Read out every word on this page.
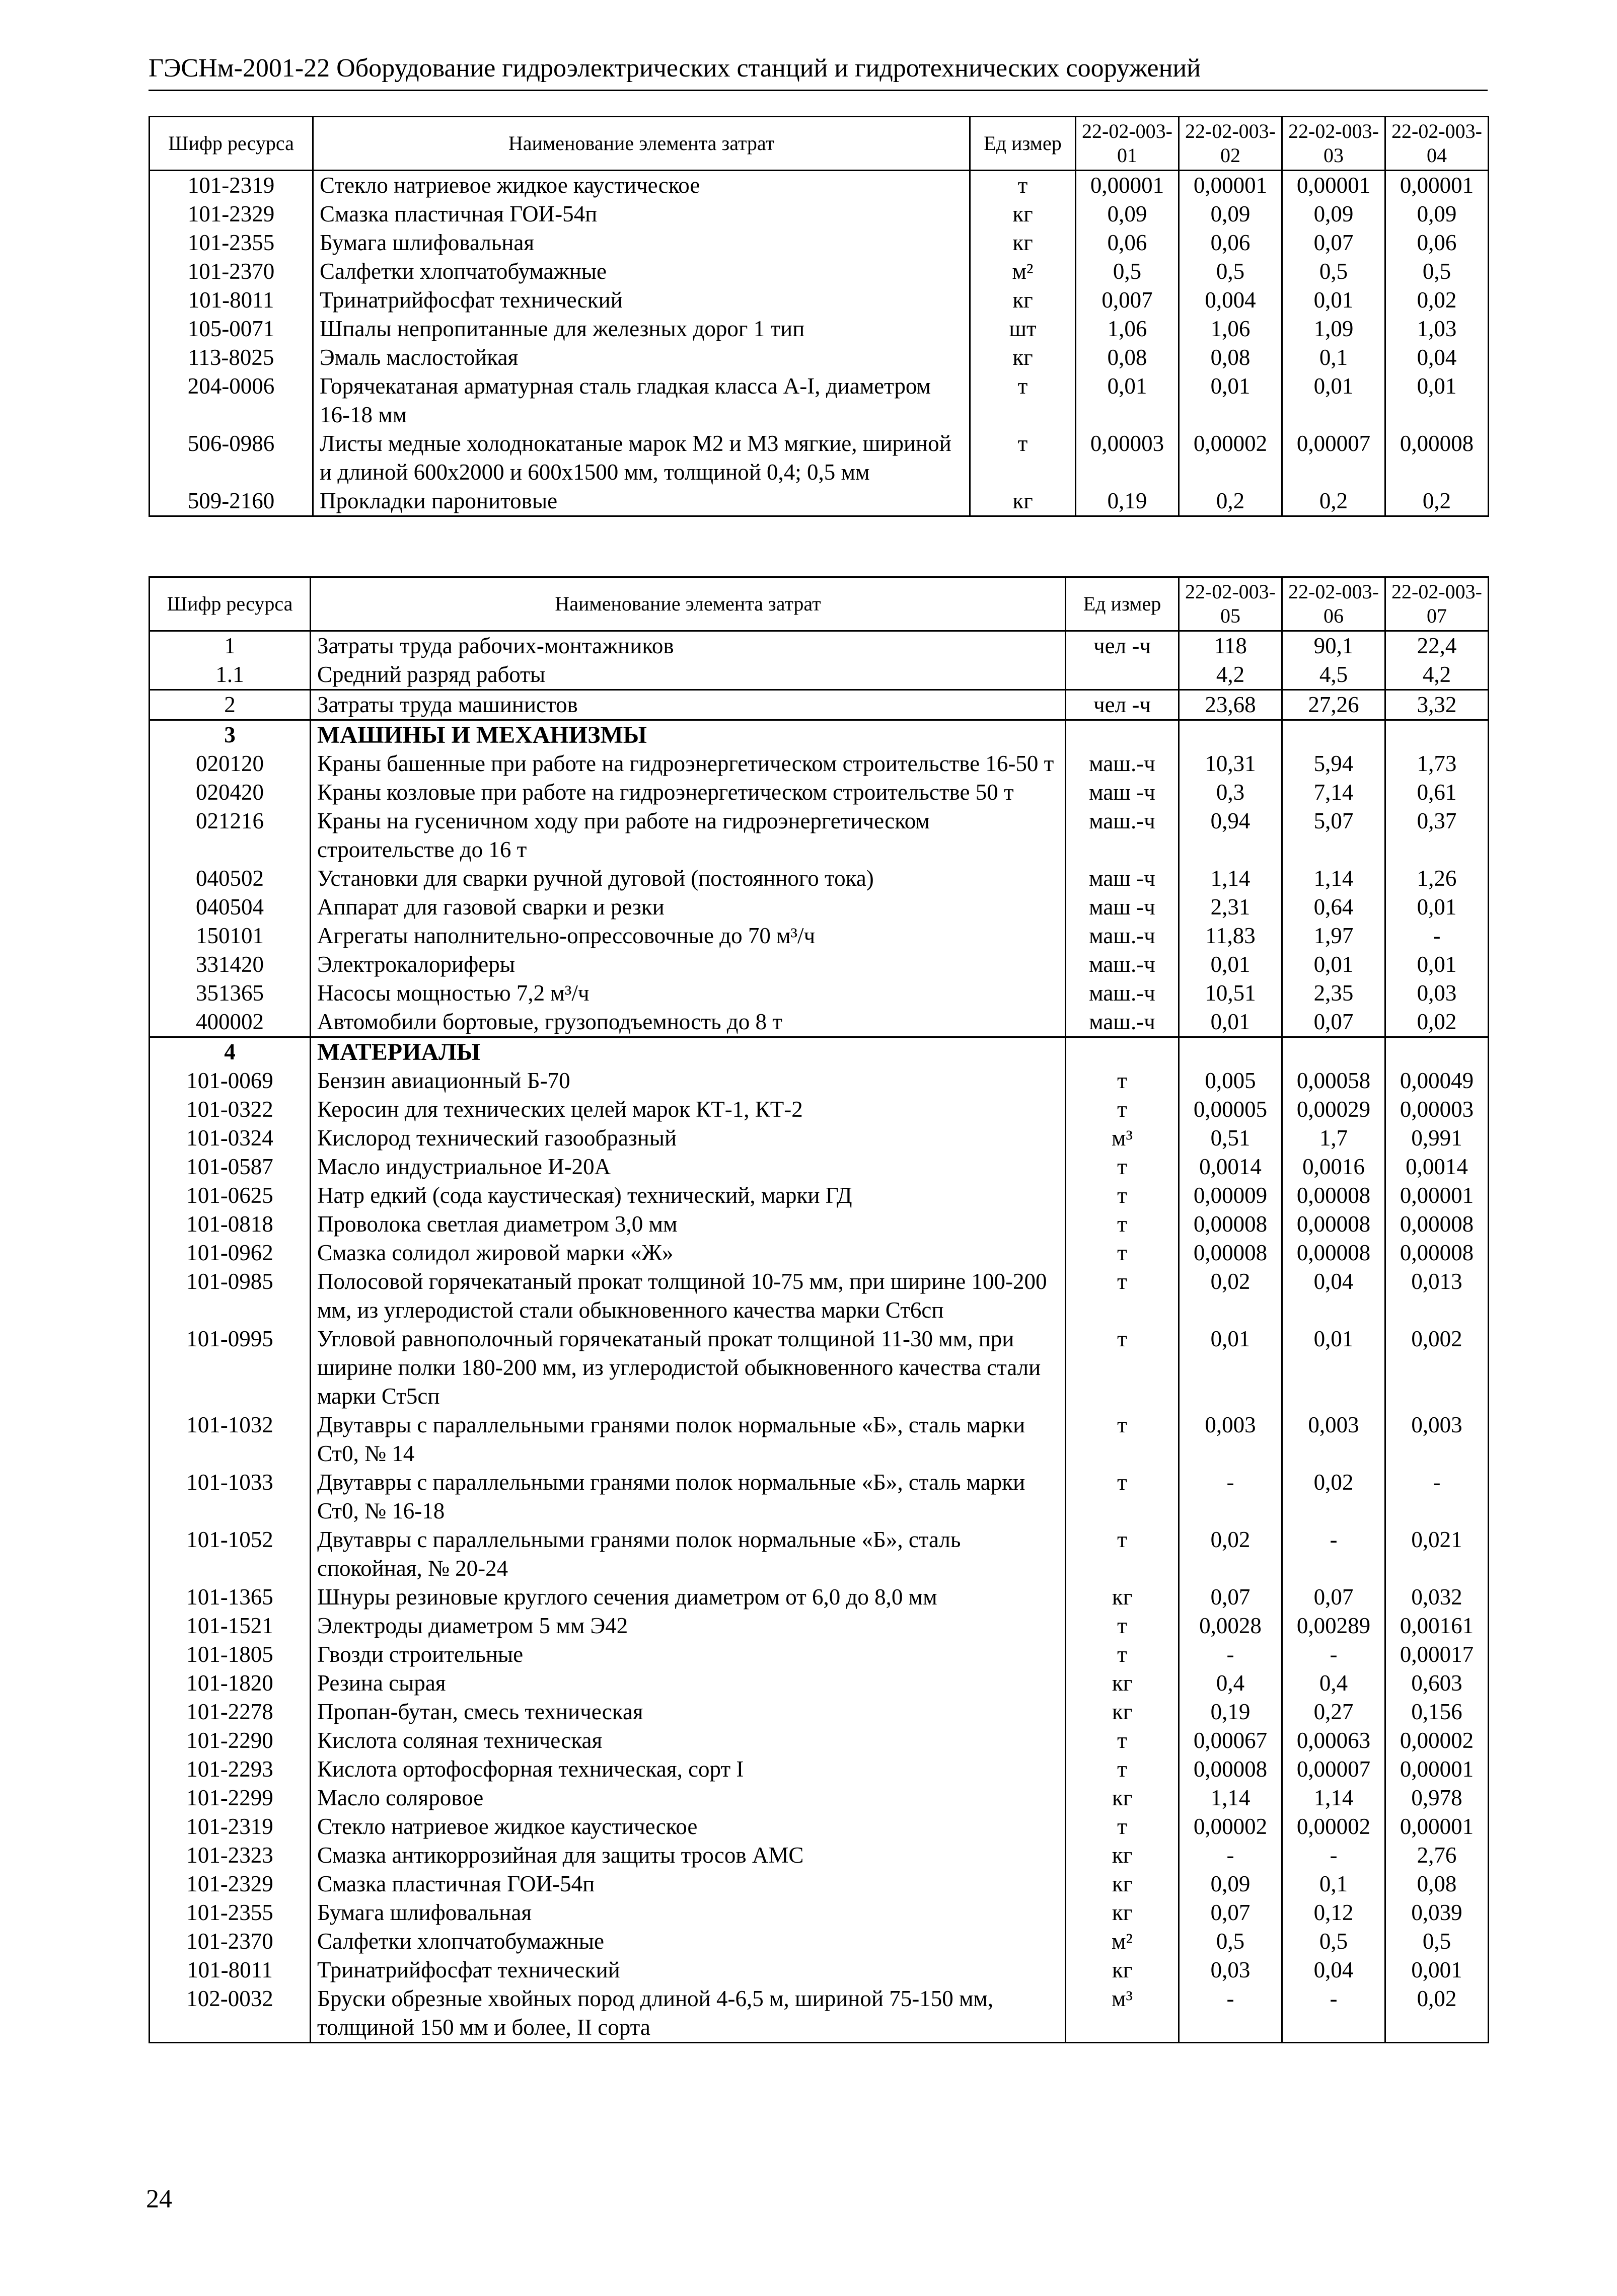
ГЭСНм-2001-22 Оборудование гидроэлектрических станций и гидротехнических сооружений
Шифр ресурса	Наименование элемента затрат	Ед измер	22-02-003-01	22-02-003-02	22-02-003-03	22-02-003-04
101-2319	Стекло натриевое жидкое каустическое	т	0,00001	0,00001	0,00001	0,00001
101-2329	Смазка пластичная ГОИ-54п	кг	0,09	0,09	0,09	0,09
101-2355	Бумага шлифовальная	кг	0,06	0,06	0,07	0,06
101-2370	Салфетки хлопчатобумажные	м²	0,5	0,5	0,5	0,5
101-8011	Тринатрийфосфат технический	кг	0,007	0,004	0,01	0,02
105-0071	Шпалы непропитанные для железных дорог 1 тип	шт	1,06	1,06	1,09	1,03
113-8025	Эмаль маслостойкая	кг	0,08	0,08	0,1	0,04
204-0006	Горячекатаная арматурная сталь гладкая класса А-I, диаметром 16-18 мм	т	0,01	0,01	0,01	0,01
506-0986	Листы медные холоднокатаные марок М2 и М3 мягкие, шириной и длиной 600х2000 и 600х1500 мм, толщиной 0,4; 0,5 мм	т	0,00003	0,00002	0,00007	0,00008
509-2160	Прокладки паронитовые	кг	0,19	0,2	0,2	0,2
Шифр ресурса	Наименование элемента затрат	Ед измер	22-02-003-05	22-02-003-06	22-02-003-07
1	Затраты труда рабочих-монтажников	чел -ч	118	90,1	22,4
1.1	Средний разряд работы		4,2	4,5	4,2
2	Затраты труда машинистов	чел -ч	23,68	27,26	3,32
3	МАШИНЫ И МЕХАНИЗМЫ				
020120	Краны башенные при работе на гидроэнергетическом строительстве 16-50 т	маш.-ч	10,31	5,94	1,73
020420	Краны козловые при работе на гидроэнергетическом строительстве 50 т	маш -ч	0,3	7,14	0,61
021216	Краны на гусеничном ходу при работе на гидроэнергетическом строительстве до 16 т	маш.-ч	0,94	5,07	0,37
040502	Установки для сварки ручной дуговой (постоянного тока)	маш -ч	1,14	1,14	1,26
040504	Аппарат для газовой сварки и резки	маш -ч	2,31	0,64	0,01
150101	Агрегаты наполнительно-опрессовочные до 70 м³/ч	маш.-ч	11,83	1,97	-
331420	Электрокалориферы	маш.-ч	0,01	0,01	0,01
351365	Насосы мощностью 7,2 м³/ч	маш.-ч	10,51	2,35	0,03
400002	Автомобили бортовые, грузоподъемность до 8 т	маш.-ч	0,01	0,07	0,02
4	МАТЕРИАЛЫ				
101-0069	Бензин авиационный Б-70	т	0,005	0,00058	0,00049
101-0322	Керосин для технических целей марок КТ-1, КТ-2	т	0,00005	0,00029	0,00003
101-0324	Кислород технический газообразный	м³	0,51	1,7	0,991
101-0587	Масло индустриальное И-20А	т	0,0014	0,0016	0,0014
101-0625	Натр едкий (сода каустическая) технический, марки ГД	т	0,00009	0,00008	0,00001
101-0818	Проволока светлая диаметром 3,0 мм	т	0,00008	0,00008	0,00008
101-0962	Смазка солидол жировой марки «Ж»	т	0,00008	0,00008	0,00008
101-0985	Полосовой горячекатаный прокат толщиной 10-75 мм, при ширине 100-200 мм, из углеродистой стали обыкновенного качества марки Ст6сп	т	0,02	0,04	0,013
101-0995	Угловой равнополочный горячекатаный прокат толщиной 11-30 мм, при ширине полки 180-200 мм, из углеродистой обыкновенного качества стали марки Ст5сп	т	0,01	0,01	0,002
101-1032	Двутавры с параллельными гранями полок нормальные «Б», сталь марки Ст0, № 14	т	0,003	0,003	0,003
101-1033	Двутавры с параллельными гранями полок нормальные «Б», сталь марки Ст0, № 16-18	т	-	0,02	-
101-1052	Двутавры с параллельными гранями полок нормальные «Б», сталь спокойная, № 20-24	т	0,02	-	0,021
101-1365	Шнуры резиновые круглого сечения диаметром от 6,0 до 8,0 мм	кг	0,07	0,07	0,032
101-1521	Электроды диаметром 5 мм Э42	т	0,0028	0,00289	0,00161
101-1805	Гвозди строительные	т	-	-	0,00017
101-1820	Резина сырая	кг	0,4	0,4	0,603
101-2278	Пропан-бутан, смесь техническая	кг	0,19	0,27	0,156
101-2290	Кислота соляная техническая	т	0,00067	0,00063	0,00002
101-2293	Кислота ортофосфорная техническая, сорт I	т	0,00008	0,00007	0,00001
101-2299	Масло соляровое	кг	1,14	1,14	0,978
101-2319	Стекло натриевое жидкое каустическое	т	0,00002	0,00002	0,00001
101-2323	Смазка антикоррозийная для защиты тросов АМС	кг	-	-	2,76
101-2329	Смазка пластичная ГОИ-54п	кг	0,09	0,1	0,08
101-2355	Бумага шлифовальная	кг	0,07	0,12	0,039
101-2370	Салфетки хлопчатобумажные	м²	0,5	0,5	0,5
101-8011	Тринатрийфосфат технический	кг	0,03	0,04	0,001
102-0032	Бруски обрезные хвойных пород длиной 4-6,5 м, шириной 75-150 мм, толщиной 150 мм и более, II сорта	м³	-	-	0,02
24
